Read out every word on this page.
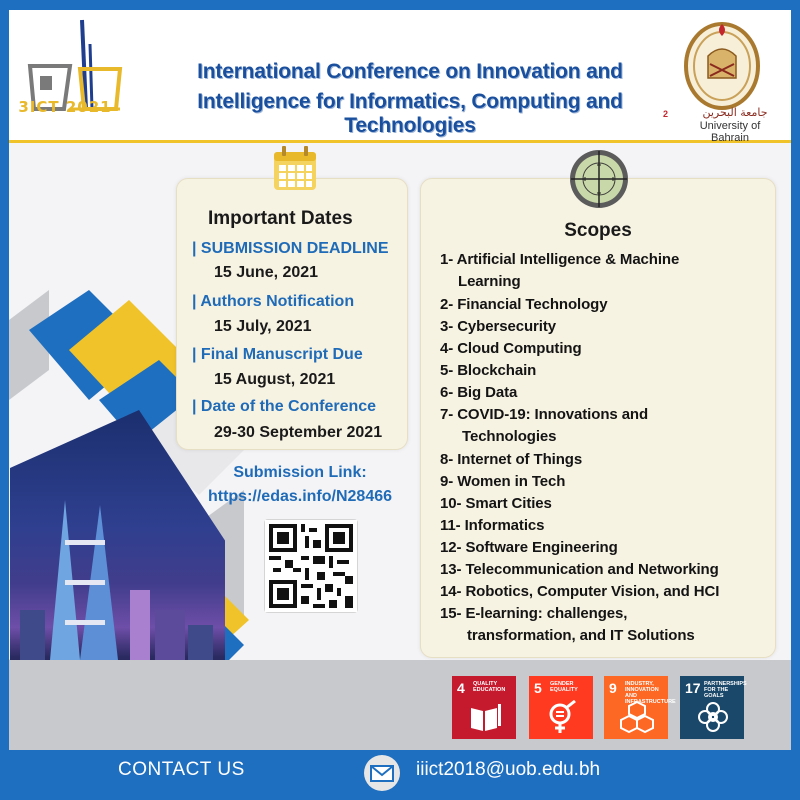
3ICT 2021
International Conference on Innovation and
Intelligence for Informatics, Computing and Technologies	2	جامعة البحرين
University of Bahrain
Important Dates
| SUBMISSION DEADLINE
15 June, 2021
| Authors Notification
15 July, 2021
| Final Manuscript Due
15 August, 2021
| Date of the Conference
29-30 September 2021
Submission Link:
https://edas.info/N28466
Scopes
1- Artificial Intelligence & Machine
Learning
2- Financial Technology
3- Cybersecurity
4- Cloud Computing
5- Blockchain
6- Big Data
7- COVID-19: Innovations and
Technologies
8- Internet of Things
9- Women in Tech
10- Smart Cities
11- Informatics
12- Software Engineering
13- Telecommunication and Networking
14- Robotics, Computer Vision, and HCI
15- E-learning: challenges,
transformation, and IT Solutions
4 QUALITY EDUCATION	5 GENDER EQUALITY	9 INDUSTRY, INNOVATION AND INFRASTRUCTURE
17 PARTNERSHIPS FOR THE GOALS
CONTACT US	iiict2018@uob.edu.bh
